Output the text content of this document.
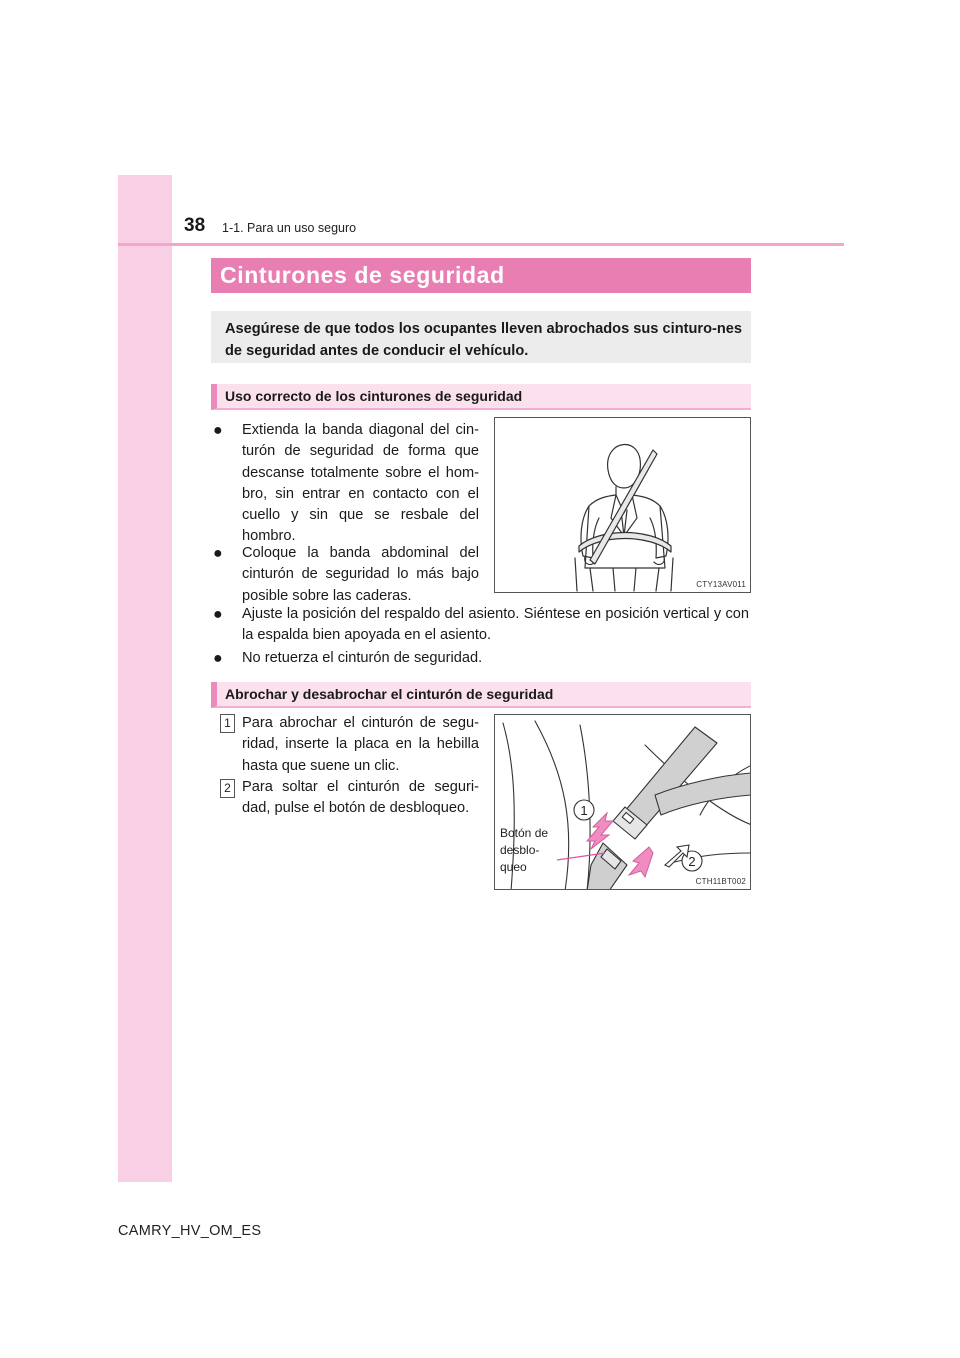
38 1-1. Para un uso seguro
Cinturones de seguridad
Asegúrese de que todos los ocupantes lleven abrochados sus cinturo-nes de seguridad antes de conducir el vehículo.
Uso correcto de los cinturones de seguridad
● Extienda la banda diagonal del cin-turón de seguridad de forma que descanse totalmente sobre el hom-bro, sin entrar en contacto con el cuello y sin que se resbale del hombro.
● Coloque la banda abdominal del cinturón de seguridad lo más bajo posible sobre las caderas.
● Ajuste la posición del respaldo del asiento. Siéntese en posición vertical y con la espalda bien apoyada en el asiento.
● No retuerza el cinturón de seguridad.
CTY13AV011
Abrochar y desabrochar el cinturón de seguridad
1 Para abrochar el cinturón de segu-ridad, inserte la placa en la hebilla hasta que suene un clic.
2 Para soltar el cinturón de seguri-dad, pulse el botón de desbloqueo.	1
2
Botón de
desblo-
queo
CTH11BT002
CAMRY_HV_OM_ES
